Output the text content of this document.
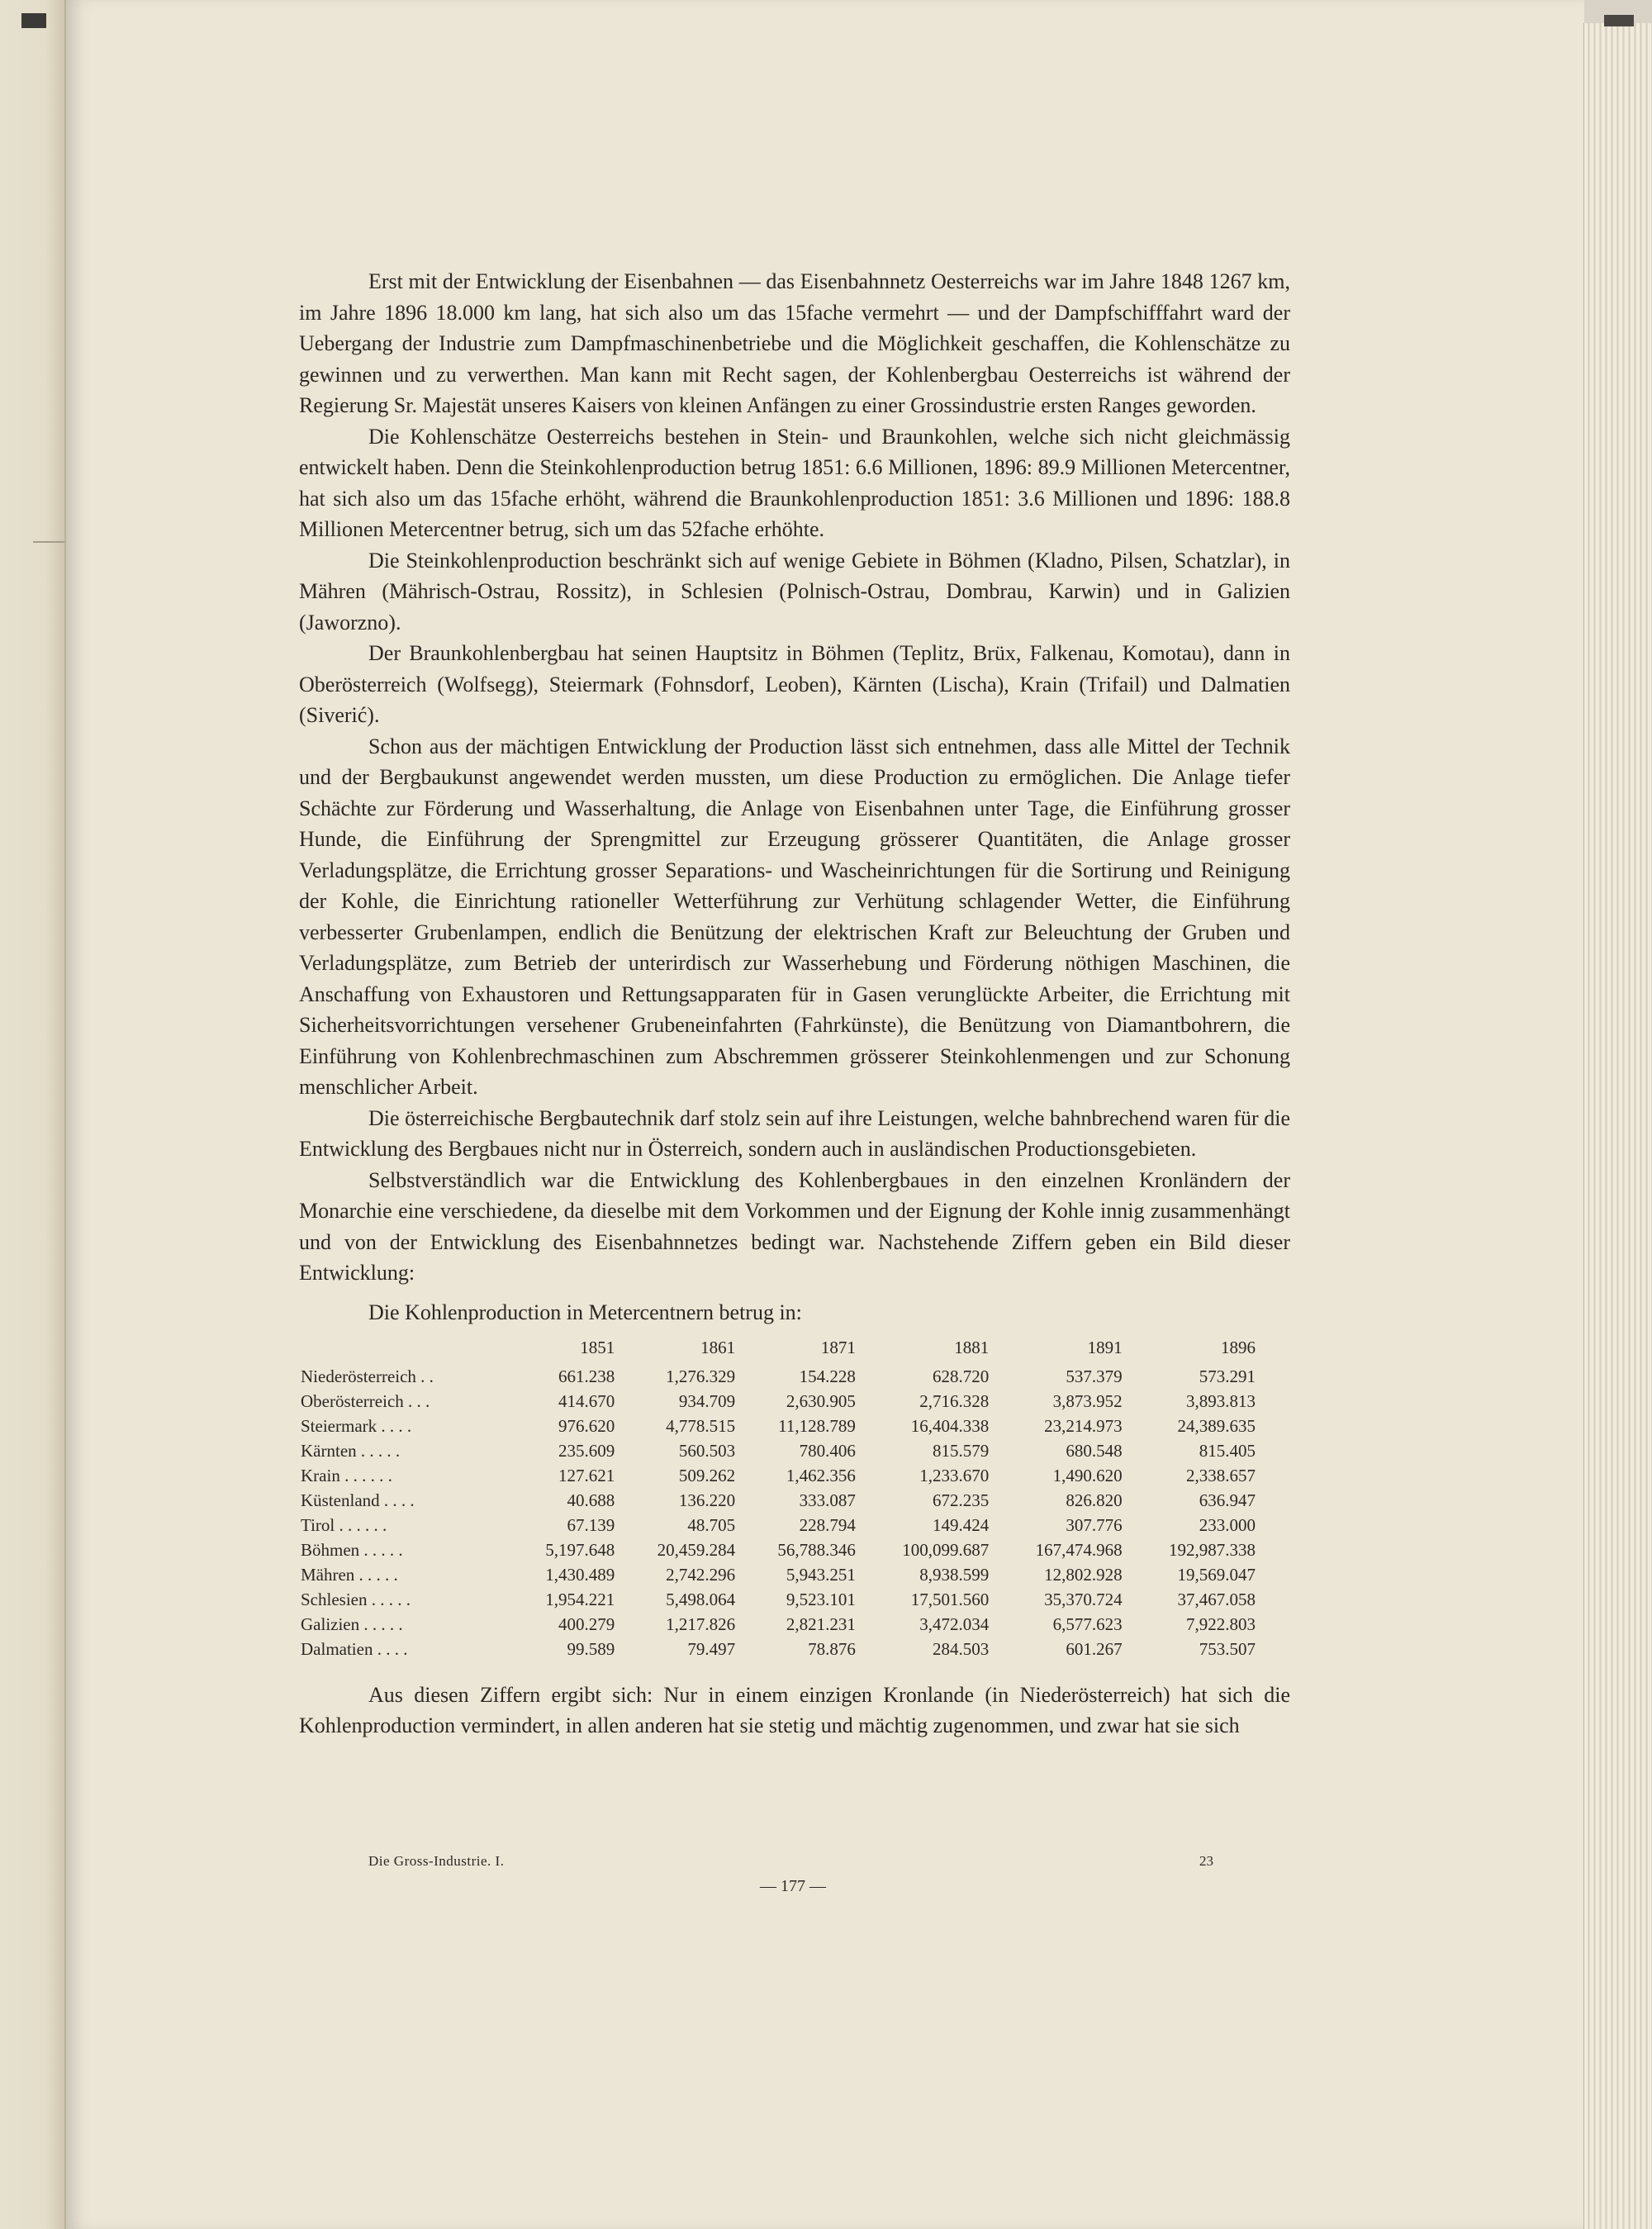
Erst mit der Entwicklung der Eisenbahnen — das Eisenbahnnetz Oesterreichs war im Jahre 1848 1267 km, im Jahre 1896 18.000 km lang, hat sich also um das 15fache vermehrt — und der Dampfschifffahrt ward der Uebergang der Industrie zum Dampfmaschinenbetriebe und die Möglichkeit geschaffen, die Kohlenschätze zu gewinnen und zu verwerthen. Man kann mit Recht sagen, der Kohlenbergbau Oesterreichs ist während der Regierung Sr. Majestät unseres Kaisers von kleinen Anfängen zu einer Grossindustrie ersten Ranges geworden.

Die Kohlenschätze Oesterreichs bestehen in Stein- und Braunkohlen, welche sich nicht gleichmässig entwickelt haben. Denn die Steinkohlenproduction betrug 1851: 6.6 Millionen, 1896: 89.9 Millionen Metercentner, hat sich also um das 15fache erhöht, während die Braunkohlenproduction 1851: 3.6 Millionen und 1896: 188.8 Millionen Metercentner betrug, sich um das 52fache erhöhte.

Die Steinkohlenproduction beschränkt sich auf wenige Gebiete in Böhmen (Kladno, Pilsen, Schatzlar), in Mähren (Mährisch-Ostrau, Rossitz), in Schlesien (Polnisch-Ostrau, Dombrau, Karwin) und in Galizien (Jaworzno).

Der Braunkohlenbergbau hat seinen Hauptsitz in Böhmen (Teplitz, Brüx, Falkenau, Komotau), dann in Oberösterreich (Wolfsegg), Steiermark (Fohnsdorf, Leoben), Kärnten (Lischa), Krain (Trifail) und Dalmatien (Siverić).

Schon aus der mächtigen Entwicklung der Production lässt sich entnehmen, dass alle Mittel der Technik und der Bergbaukunst angewendet werden mussten, um diese Production zu ermöglichen. Die Anlage tiefer Schächte zur Förderung und Wasserhaltung, die Anlage von Eisenbahnen unter Tage, die Einführung grosser Hunde, die Einführung der Sprengmittel zur Erzeugung grösserer Quantitäten, die Anlage grosser Verladungsplätze, die Errichtung grosser Separations- und Wascheinrichtungen für die Sortirung und Reinigung der Kohle, die Einrichtung rationeller Wetterführung zur Verhütung schlagender Wetter, die Einführung verbesserter Grubenlampen, endlich die Benützung der elektrischen Kraft zur Beleuchtung der Gruben und Verladungsplätze, zum Betrieb der unterirdisch zur Wasserhebung und Förderung nöthigen Maschinen, die Anschaffung von Exhaustoren und Rettungsapparaten für in Gasen verunglückte Arbeiter, die Errichtung mit Sicherheitsvorrichtungen versehener Grubeneinfahrten (Fahrkünste), die Benützung von Diamantbohrern, die Einführung von Kohlenbrechmaschinen zum Abschremmen grösserer Steinkohlenmengen und zur Schonung menschlicher Arbeit.

Die österreichische Bergbautechnik darf stolz sein auf ihre Leistungen, welche bahnbrechend waren für die Entwicklung des Bergbaues nicht nur in Österreich, sondern auch in ausländischen Productionsgebieten.

Selbstverständlich war die Entwicklung des Kohlenbergbaues in den einzelnen Kronländern der Monarchie eine verschiedene, da dieselbe mit dem Vorkommen und der Eignung der Kohle innig zusammenhängt und von der Entwicklung des Eisenbahnnetzes bedingt war. Nachstehende Ziffern geben ein Bild dieser Entwicklung:

Die Kohlenproduction in Metercentnern betrug in:

	1851	1861	1871	1881	1891	1896
Niederösterreich . .	661.238	1,276.329	154.228	628.720	537.379	573.291
Oberösterreich . . .	414.670	934.709	2,630.905	2,716.328	3,873.952	3,893.813
Steiermark . . . .	976.620	4,778.515	11,128.789	16,404.338	23,214.973	24,389.635
Kärnten . . . . .	235.609	560.503	780.406	815.579	680.548	815.405
Krain . . . . . .	127.621	509.262	1,462.356	1,233.670	1,490.620	2,338.657
Küstenland . . . .	40.688	136.220	333.087	672.235	826.820	636.947
Tirol . . . . . .	67.139	48.705	228.794	149.424	307.776	233.000
Böhmen . . . . .	5,197.648	20,459.284	56,788.346	100,099.687	167,474.968	192,987.338
Mähren . . . . .	1,430.489	2,742.296	5,943.251	8,938.599	12,802.928	19,569.047
Schlesien . . . . .	1,954.221	5,498.064	9,523.101	17,501.560	35,370.724	37,467.058
Galizien . . . . .	400.279	1,217.826	2,821.231	3,472.034	6,577.623	7,922.803
Dalmatien . . . .	99.589	79.497	78.876	284.503	601.267	753.507

Aus diesen Ziffern ergibt sich: Nur in einem einzigen Kronlande (in Niederösterreich) hat sich die Kohlenproduction vermindert, in allen anderen hat sie stetig und mächtig zugenommen, und zwar hat sie sich

Die Gross-Industrie. I.	23
— 177 —
